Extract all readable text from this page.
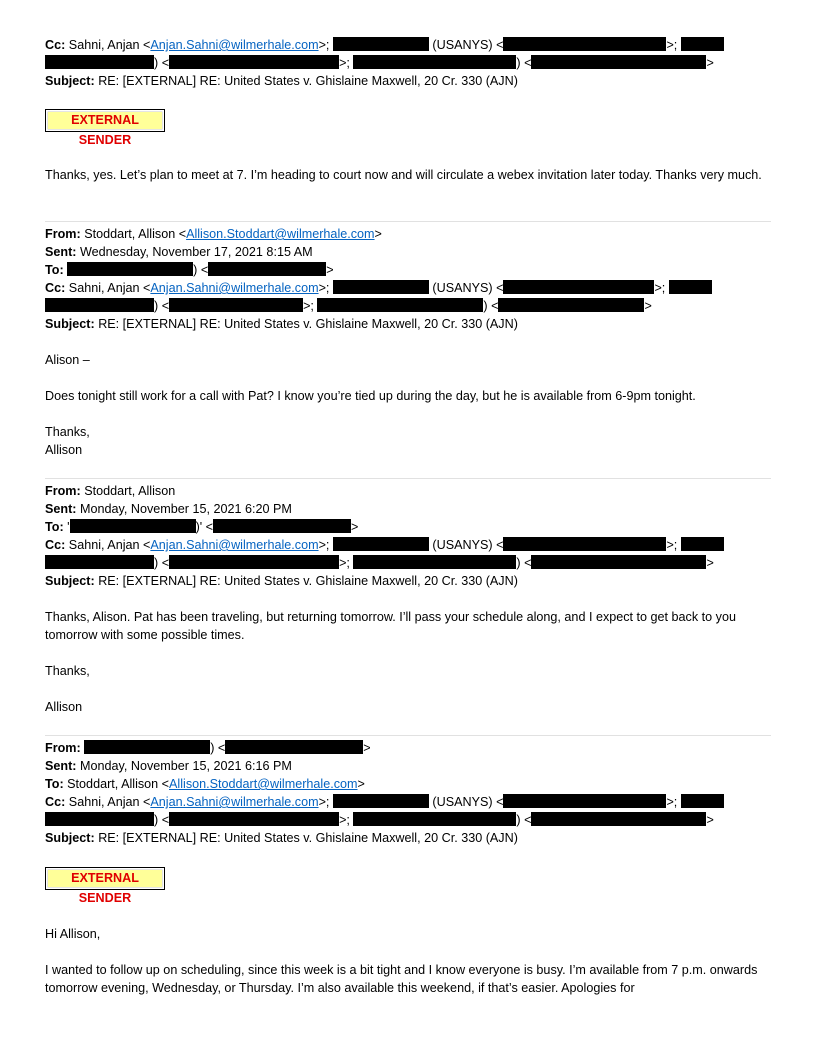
Cc: Sahni, Anjan <Anjan.Sahni@wilmerhale.com>;	(USANYS) <	>;
) <	>;	) <	>
Subject: RE: [EXTERNAL] RE: United States v. Ghislaine Maxwell, 20 Cr. 330 (AJN)
EXTERNAL SENDER
Thanks, yes. Let’s plan to meet at 7. I’m heading to court now and will circulate a webex invitation later today. Thanks very much.
From: Stoddart, Allison <Allison.Stoddart@wilmerhale.com>
Sent: Wednesday, November 17, 2021 8:15 AM
To:	) <	>
Cc: Sahni, Anjan <Anjan.Sahni@wilmerhale.com>;	(USANYS) <	>;
) <	>;	) <	>
Subject: RE: [EXTERNAL] RE: United States v. Ghislaine Maxwell, 20 Cr. 330 (AJN)
Alison –
Does tonight still work for a call with Pat? I know you’re tied up during the day, but he is available from 6-9pm tonight.
Thanks,
Allison
From: Stoddart, Allison
Sent: Monday, November 15, 2021 6:20 PM
To: '	)' <	>
Cc: Sahni, Anjan <Anjan.Sahni@wilmerhale.com>;	(USANYS) <	>;
) <	>;	) <	>
Subject: RE: [EXTERNAL] RE: United States v. Ghislaine Maxwell, 20 Cr. 330 (AJN)
Thanks, Alison. Pat has been traveling, but returning tomorrow. I’ll pass your schedule along, and I expect to get back to you tomorrow with some possible times.
Thanks,
Allison
From:	) <	>
Sent: Monday, November 15, 2021 6:16 PM
To: Stoddart, Allison <Allison.Stoddart@wilmerhale.com>
Cc: Sahni, Anjan <Anjan.Sahni@wilmerhale.com>;	(USANYS) <	>;
) <	>;	) <	>
Subject: RE: [EXTERNAL] RE: United States v. Ghislaine Maxwell, 20 Cr. 330 (AJN)
EXTERNAL SENDER
Hi Allison,
I wanted to follow up on scheduling, since this week is a bit tight and I know everyone is busy. I’m available from 7 p.m. onwards tomorrow evening, Wednesday, or Thursday. I’m also available this weekend, if that’s easier. Apologies for
